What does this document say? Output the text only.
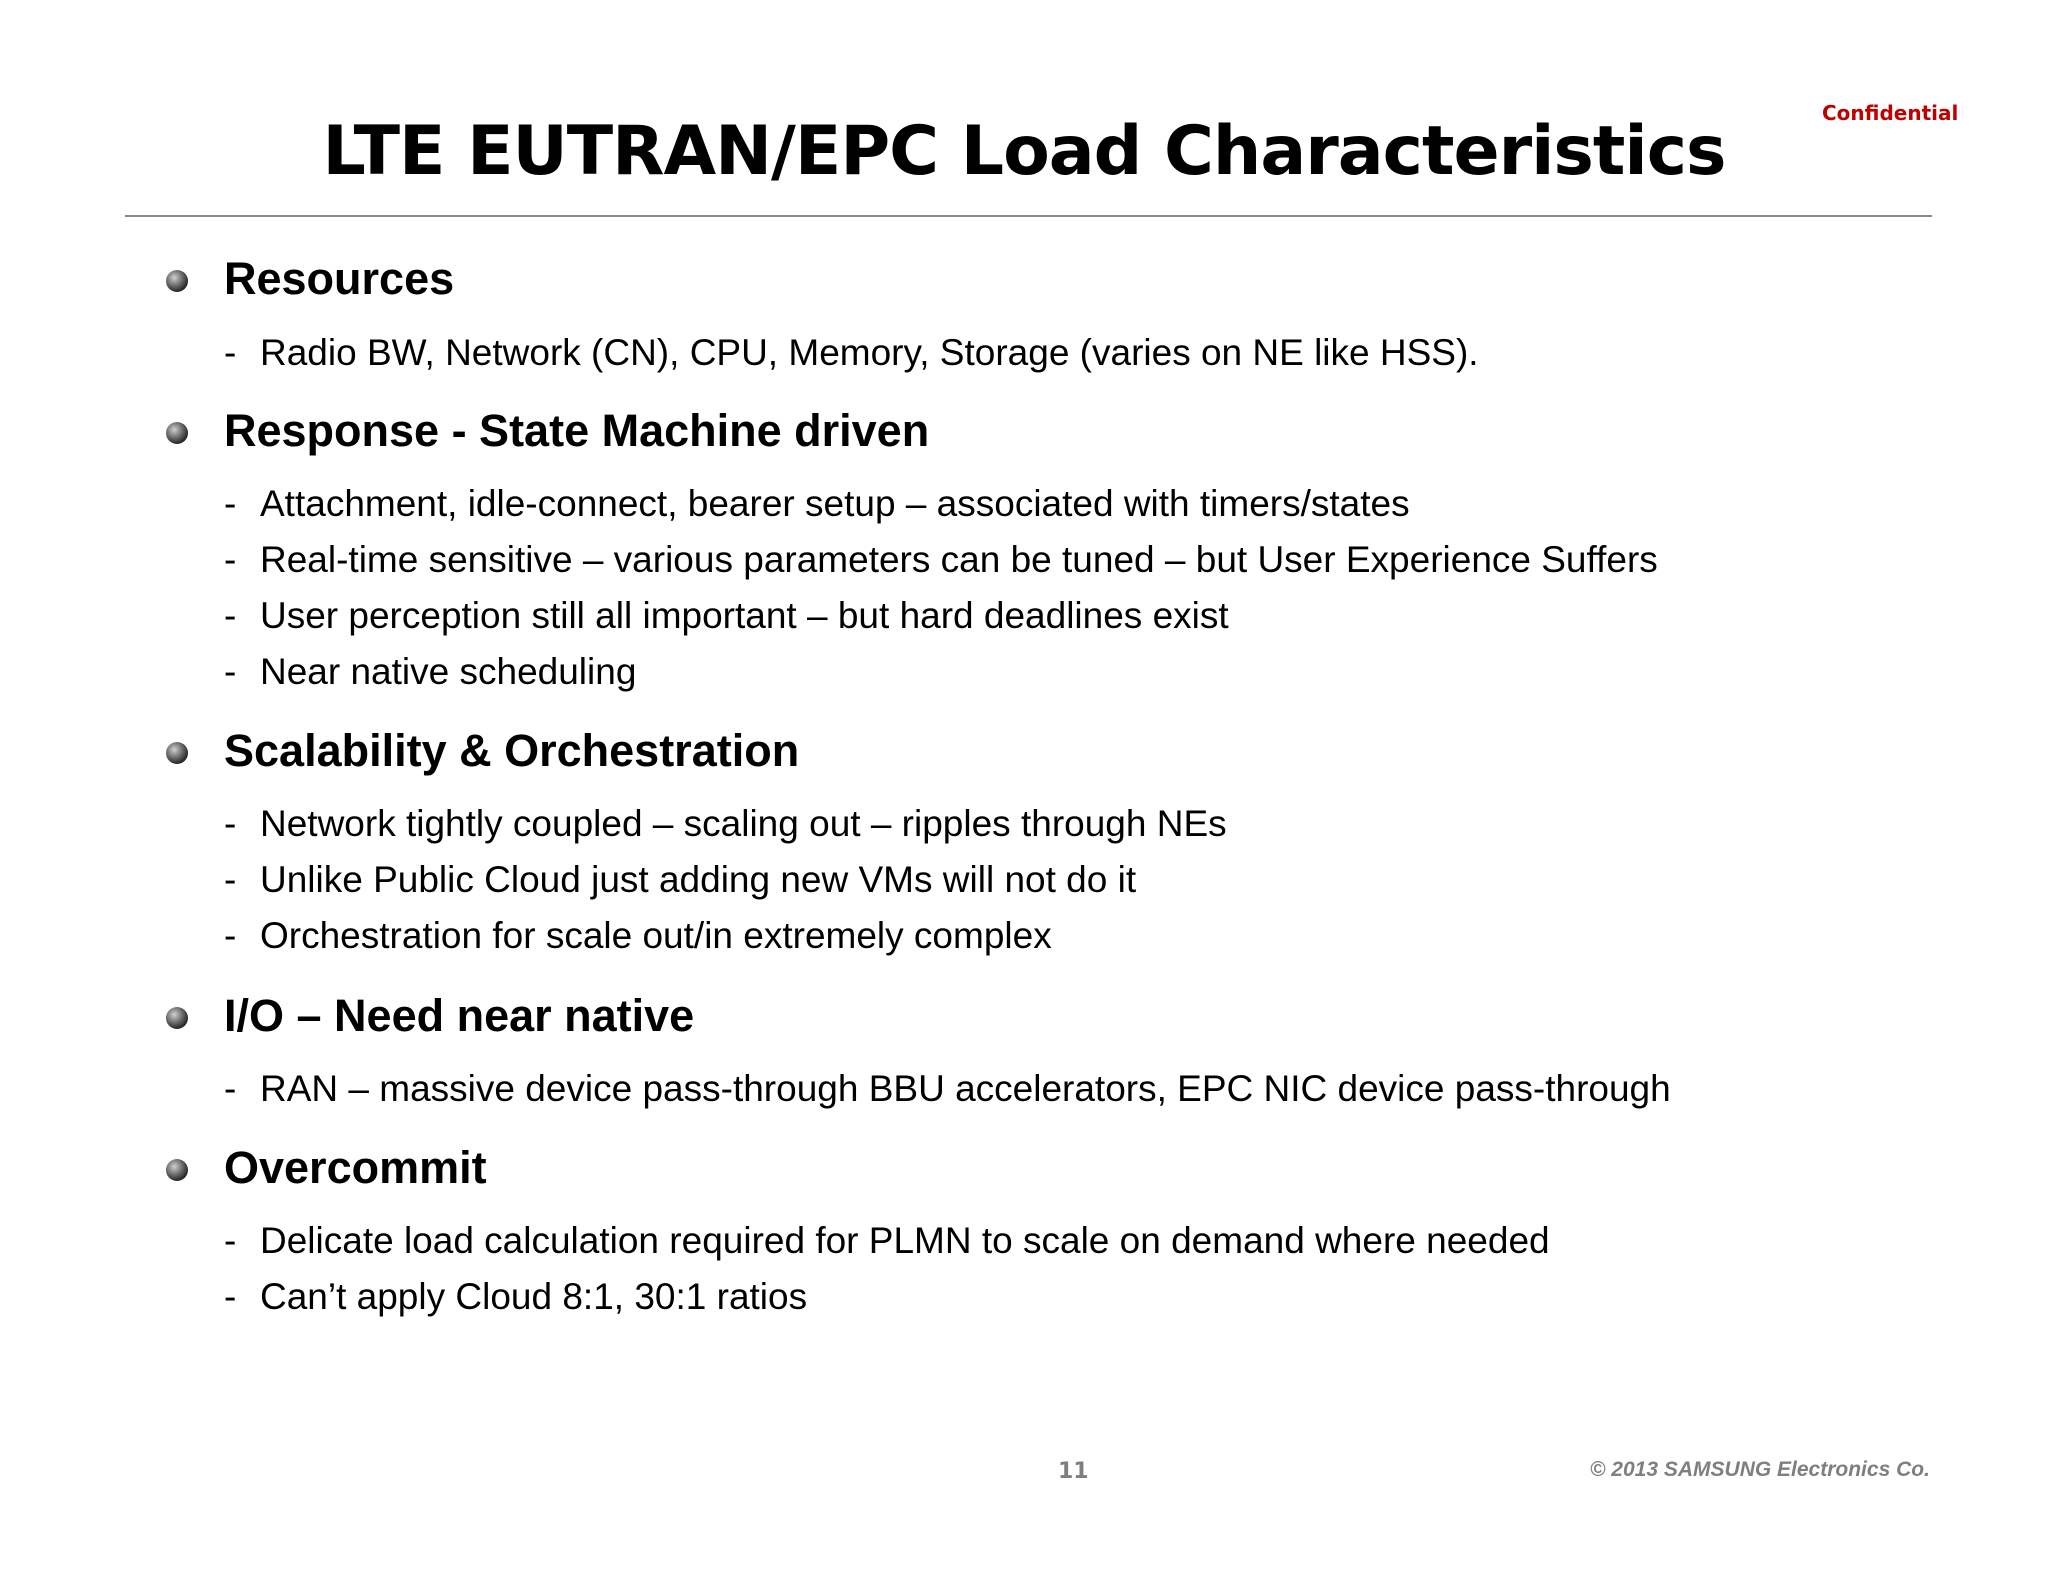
Confidential
LTE EUTRAN/EPC Load Characteristics
Resources
- Radio BW, Network (CN), CPU, Memory, Storage (varies on NE like HSS).
Response - State Machine driven
- Attachment, idle-connect, bearer setup – associated with timers/states
- Real-time sensitive – various parameters can be tuned – but User Experience Suffers
- User perception still all important – but hard deadlines exist
- Near native scheduling
Scalability & Orchestration
- Network tightly coupled – scaling out – ripples through NEs
- Unlike Public Cloud just adding new VMs will not do it
- Orchestration for scale out/in extremely complex
I/O – Need near native
- RAN – massive device pass-through BBU accelerators, EPC NIC device pass-through
Overcommit
- Delicate load calculation required for PLMN to scale on demand where needed
- Can’t apply Cloud 8:1, 30:1 ratios
11	© 2013 SAMSUNG Electronics Co.
